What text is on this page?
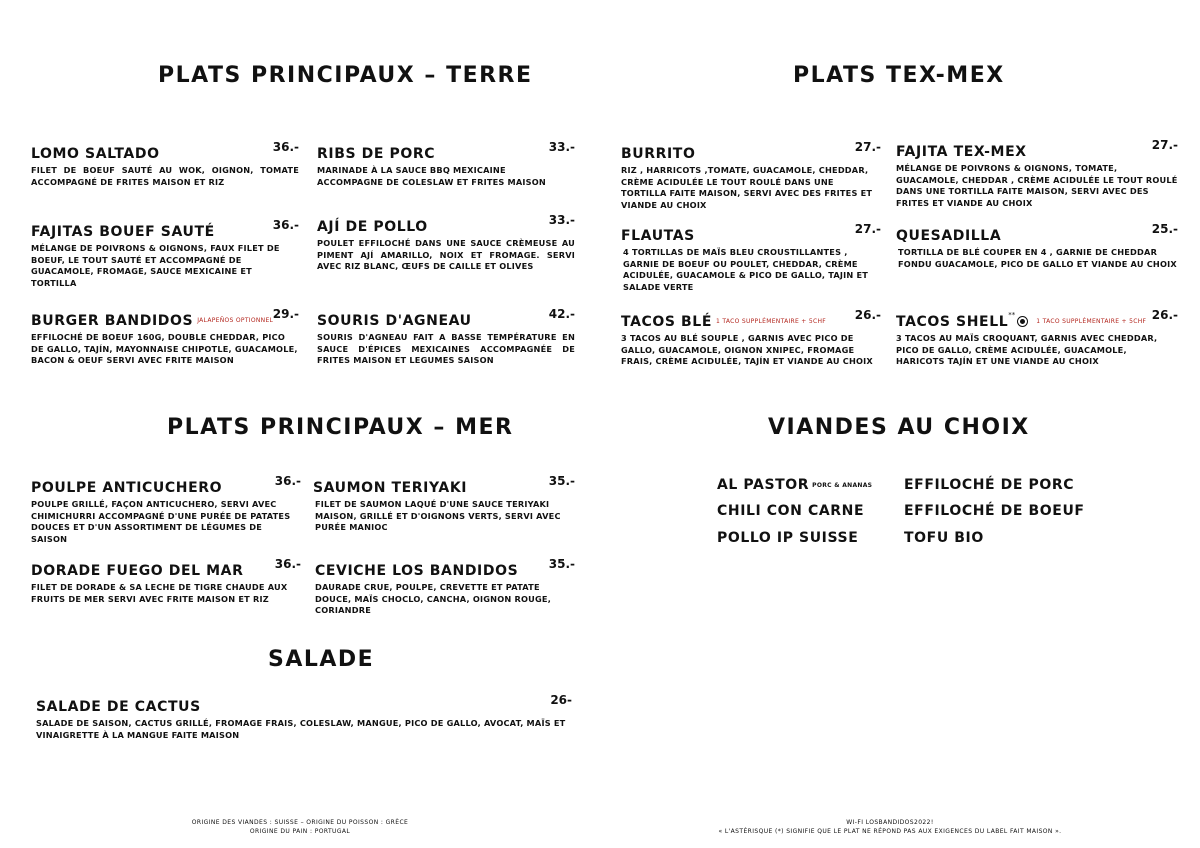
PLATS PRINCIPAUX – TERRE	PLATS TEX-MEX
PLATS PRINCIPAUX – MER	VIANDES AU CHOIX
SALADE
LOMO SALTADO	36.-
FILET DE BOEUF SAUTÉ AU WOK, OIGNON, TOMATE ACCOMPAGNÉ DE FRITES MAISON ET RIZ
RIBS DE PORC	33.-
MARINADE À LA SAUCE BBQ MEXICAINE ACCOMPAGNE DE COLESLAW ET FRITES MAISON
FAJITAS BOUEF SAUTÉ	36.-
MÉLANGE DE POIVRONS & OIGNONS, FAUX FILET DE BOEUF, LE TOUT SAUTÉ ET ACCOMPAGNÉ DE GUACAMOLE, FROMAGE, SAUCE MEXICAINE ET TORTILLA
AJÍ DE POLLO	33.-
POULET EFFILOCHÉ DANS UNE SAUCE CRÈMEUSE AU PIMENT AJÍ AMARILLO, NOIX ET FROMAGE. SERVI AVEC RIZ BLANC, ŒUFS DE CAILLE ET OLIVES
BURGER BANDIDOS JALAPEÑOS OPTIONNEL 29.-
EFFILOCHÉ DE BOEUF 160G, DOUBLE CHEDDAR, PICO DE GALLO, TAJÍN, MAYONNAISE CHIPOTLE, GUACAMOLE, BACON & OEUF SERVI AVEC FRITE MAISON
SOURIS D'AGNEAU	42.-
SOURIS D'AGNEAU FAIT A BASSE TEMPÉRATURE EN SAUCE D'ÉPICES MEXICAINES ACCOMPAGNÉE DE FRITES MAISON ET LEGUMES SAISON
BURRITO	27.-
RIZ , HARRICOTS ,TOMATE, GUACAMOLE, CHEDDAR, CRÈME ACIDULÉE LE TOUT ROULÉ DANS UNE TORTILLA FAITE MAISON, SERVI AVEC DES FRITES ET VIANDE AU CHOIX
FAJITA TEX-MEX	27.-
MÉLANGE DE POIVRONS & OIGNONS, TOMATE, GUACAMOLE, CHEDDAR , CRÈME ACIDULÉE LE TOUT ROULÉ DANS UNE TORTILLA FAITE MAISON, SERVI AVEC DES FRITES ET VIANDE AU CHOIX
FLAUTAS	27.-
4 TORTILLAS DE MAÏS BLEU CROUSTILLANTES , GARNIE DE BOEUF OU POULET, CHEDDAR, CRÈME ACIDULÉE, GUACAMOLE & PICO DE GALLO, TAJIN ET SALADE VERTE
QUESADILLA	25.-
TORTILLA DE BLÉ COUPER EN 4 , GARNIE DE CHEDDAR FONDU GUACAMOLE, PICO DE GALLO ET VIANDE AU CHOIX
TACOS BLÉ 1 TACO SUPPLÉMENTAIRE + 5CHF 26.-
3 TACOS AU BLÉ SOUPLE , GARNIS AVEC PICO DE GALLO, GUACAMOLE, OIGNON XNIPEC, FROMAGE FRAIS, CRÈME ACIDULÉE, TAJÍN ET VIANDE AU CHOIX
TACOS SHELL**1 TACO SUPPLÉMENTAIRE + 5CHF 26.-
3 TACOS AU MAÏS CROQUANT, GARNIS AVEC CHEDDAR, PICO DE GALLO, CRÈME ACIDULÉE, GUACAMOLE, HARICOTS TAJÍN ET UNE VIANDE AU CHOIX
POULPE ANTICUCHERO	36.-
POULPE GRILLÉ, FAÇON ANTICUCHERO, SERVI AVEC CHIMICHURRI ACCOMPAGNÉ D'UNE PURÉE DE PATATES DOUCES ET D'UN ASSORTIMENT DE LÉGUMES DE SAISON
SAUMON TERIYAKI	35.-
FILET DE SAUMON LAQUÉ D'UNE SAUCE TERIYAKI MAISON, GRILLÉ ET D'OIGNONS VERTS, SERVI AVEC PURÉE MANIOC
DORADE FUEGO DEL MAR	36.-
FILET DE DORADE & SA LECHE DE TIGRE CHAUDE AUX FRUITS DE MER SERVI AVEC FRITE MAISON ET RIZ
CEVICHE LOS BANDIDOS	35.-
DAURADE CRUE, POULPE, CREVETTE ET PATATE DOUCE, MAÏS CHOCLO, CANCHA, OIGNON ROUGE, CORIANDRE
AL PASTOR PORC & ANANAS
CHILI CON CARNE
POLLO IP SUISSE
EFFILOCHÉ DE PORC
EFFILOCHÉ DE BOEUF
TOFU BIO
SALADE DE CACTUS	26-
SALADE DE SAISON, CACTUS GRILLÉ, FROMAGE FRAIS, COLESLAW, MANGUE, PICO DE GALLO, AVOCAT, MAÏS ET VINAIGRETTE À LA MANGUE FAITE MAISON
ORIGINE DES VIANDES : SUISSE – ORIGINE DU POISSON : GRÈCE
ORIGINE DU PAIN : PORTUGAL
WI-FI LOSBANDIDOS2022!
« L'ASTÉRISQUE (*) SIGNIFIE QUE LE PLAT NE RÉPOND PAS AUX EXIGENCES DU LABEL FAIT MAISON ».
